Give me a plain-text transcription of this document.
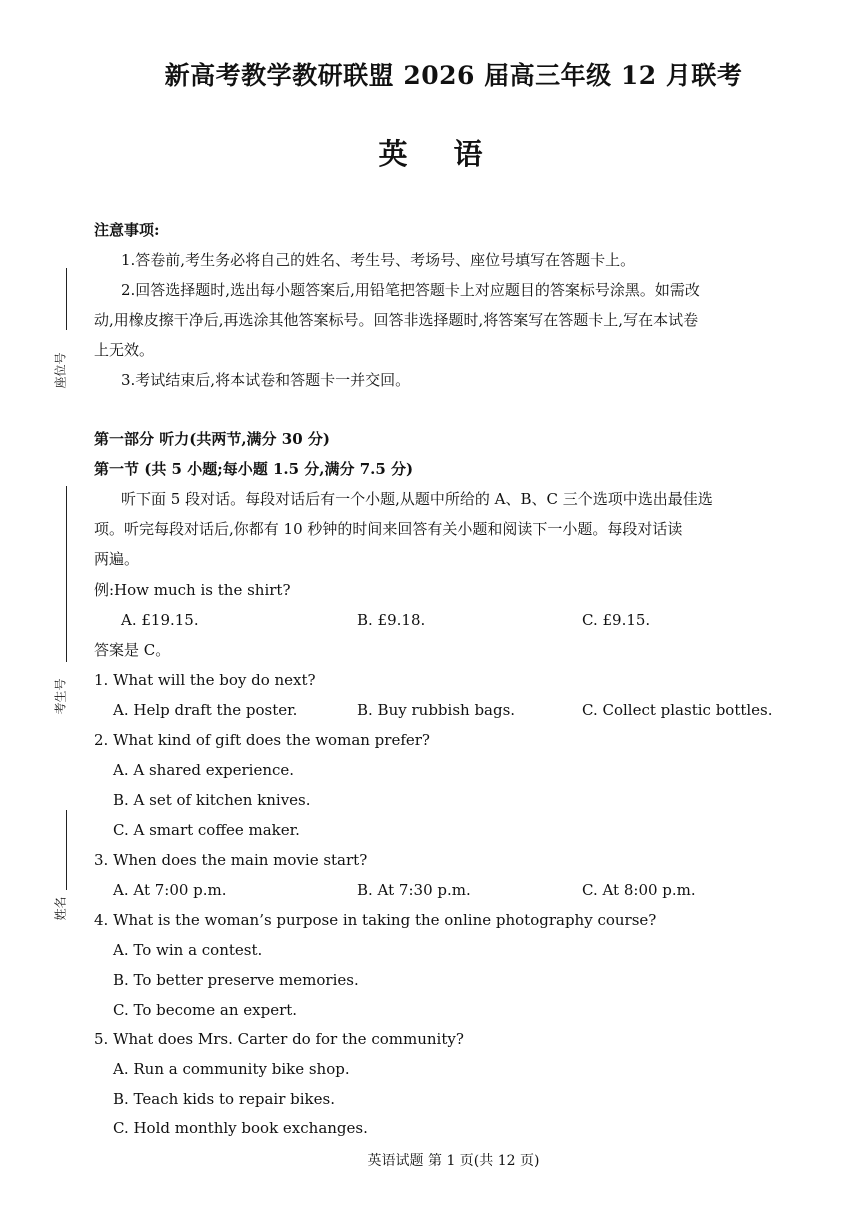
新高考教学教研联盟 2026 届高三年级 12 月联考
英语
座位号
考生号
姓名
注意事项:
1.答卷前,考生务必将自己的姓名、考生号、考场号、座位号填写在答题卡上。
2.回答选择题时,选出每小题答案后,用铅笔把答题卡上对应题目的答案标号涂黑。如需改
动,用橡皮擦干净后,再选涂其他答案标号。回答非选择题时,将答案写在答题卡上,写在本试卷
上无效。
3.考试结束后,将本试卷和答题卡一并交回。
第一部分 听力(共两节,满分 30 分)
第一节 (共 5 小题;每小题 1.5 分,满分 7.5 分)
听下面 5 段对话。每段对话后有一个小题,从题中所给的 A、B、C 三个选项中选出最佳选
项。听完每段对话后,你都有 10 秒钟的时间来回答有关小题和阅读下一小题。每段对话读
两遍。
例:How much is the shirt?
A. £19.15.	B. £9.18.	C. £9.15.
答案是 C。
1. What will the boy do next?
A. Help draft the poster.	B. Buy rubbish bags.	C. Collect plastic bottles.
2. What kind of gift does the woman prefer?
A. A shared experience.
B. A set of kitchen knives.
C. A smart coffee maker.
3. When does the main movie start?
A. At 7:00 p.m.	B. At 7:30 p.m.	C. At 8:00 p.m.
4. What is the woman’s purpose in taking the online photography course?
A. To win a contest.
B. To better preserve memories.
C. To become an expert.
5. What does Mrs. Carter do for the community?
A. Run a community bike shop.
B. Teach kids to repair bikes.
C. Hold monthly book exchanges.
英语试题 第 1 页(共 12 页)
